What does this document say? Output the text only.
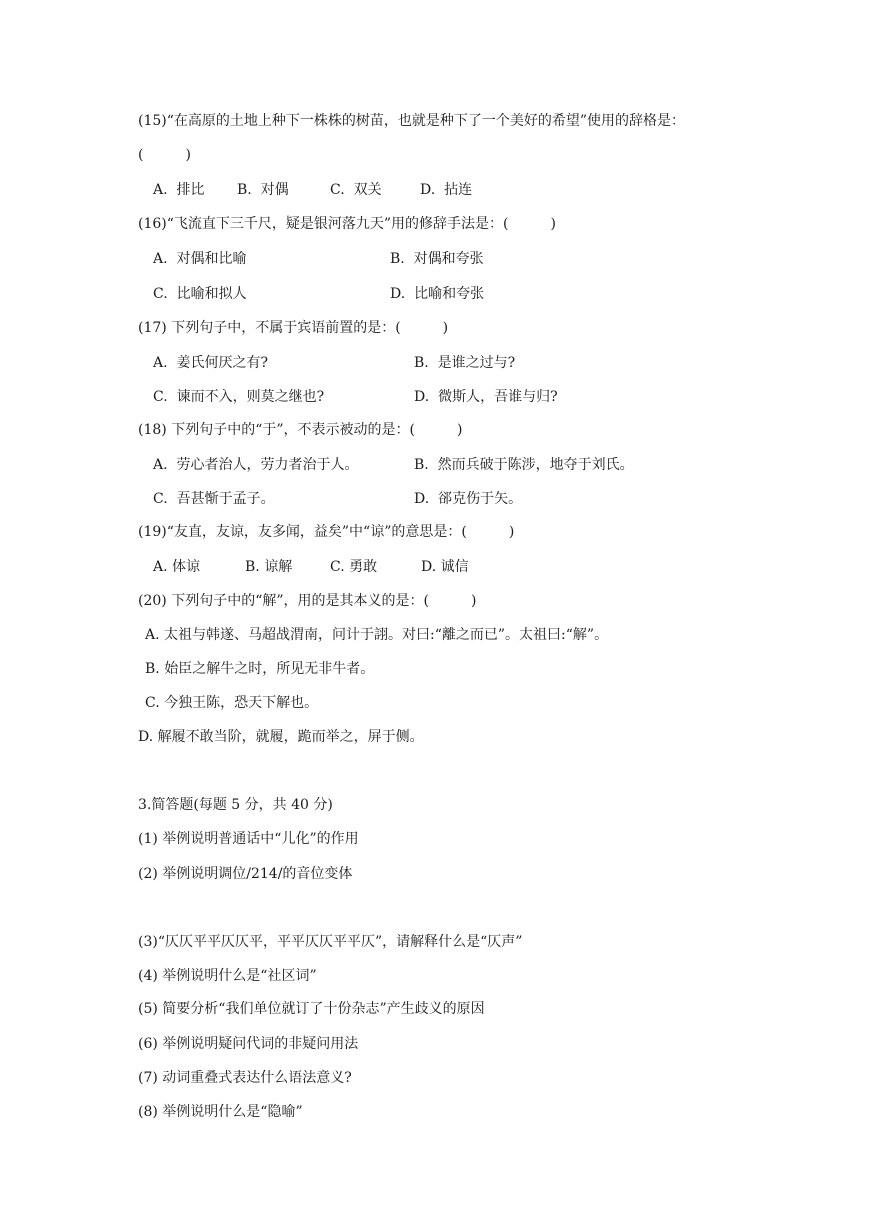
(15)“在高原的土地上种下一株株的树苗，也就是种下了一个美好的希望”使用的辞格是：
(　　　)
A.  排比 B.  对偶	C.  双关	D.  拈连
(16)“飞流直下三千尺，疑是银河落九天”用的修辞手法是：(　　　)
A.  对偶和比喻	B.  对偶和夸张
C.  比喻和拟人	D.  比喻和夸张
(17) 下列句子中，不属于宾语前置的是：(　　　)
A.  姜氏何厌之有?	B.  是谁之过与?
C.  谏而不入，则莫之继也?	D.  微斯人，吾谁与归?
(18) 下列句子中的“于”，不表示被动的是：(　　　)
A.  劳心者治人，劳力者治于人。	B.  然而兵破于陈涉，地夺于刘氏。
C.  吾甚惭于孟子。	D.  郤克伤于矢。
(19)“友直，友谅，友多闻，益矣”中“谅”的意思是：(　　　)
A. 体谅	B. 谅解	C. 勇敢	D. 诚信
(20) 下列句子中的“解”，用的是其本义的是：(　　　)
A. 太祖与韩遂、马超战渭南，问计于詡。对曰:“離之而已”。太祖曰:“解”。
B. 始臣之解牛之时，所见无非牛者。
C. 今独王陈，恐天下解也。
D. 解履不敢当阶，就履，跪而举之，屏于侧。
3.简答题(每题 5 分，共 40 分)
(1) 举例说明普通话中“儿化”的作用
(2) 举例说明调位/214/的音位变体
(3)“仄仄平平仄仄平，平平仄仄平平仄”，请解释什么是“仄声”
(4) 举例说明什么是“社区词”
(5) 简要分析“我们单位就订了十份杂志”产生歧义的原因
(6) 举例说明疑问代词的非疑问用法
(7) 动词重叠式表达什么语法意义?
(8) 举例说明什么是“隐喻”
